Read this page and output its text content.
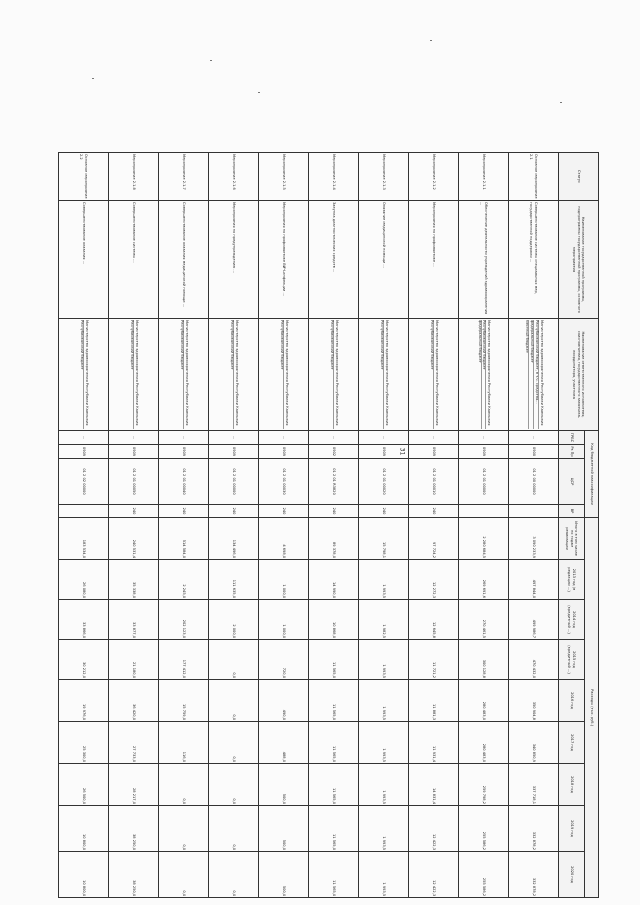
31
Статус	Наименование государственной программы, подпрограммы государственной программы, основного мероприятия	Наименование ответственного исполнителя, соисполнителя, государственного заказчика-координатора, участника	Код бюджетной классификации				Расходы (тыс. руб.)								
			ГРБС	Рз Пр	ЦСР	ВР	Итого в том числе по годам реализации	2013 год (в редакции ...)	2014 год (кредитный ...)	2015 год (кредитный ...)	2016 год	2017 год	2018 год	2019 год	2020 год
Основное мероприятие 2.1	Совершенствование системы специальных мер, государственной поддержки ...	Министерство здравоохранения Республики Калмыкия
Республиканский бюджет, в т.ч. средства...
федеральный бюджет
местный бюджет	...	0900	01 2 00 00000		3 090 233,9	497 844,0	499 986,7	470 432,0	350 904,8	340 850,9	337 718,1	332 878,2	332 878,2
Мероприятие 2.1.1	Обеспечение деятельности учреждений здравоохранения ...	Министерство здравоохранения Республики Калмыкия
Республиканский бюджет
федеральный бюджет	...	0909	01 2 01 00000		2 280 684,5	269 691,6	270 461,5	300 128,8	280 483,0	280 483,0	259 798,2	255 586,2	255 586,2
Мероприятие 2.1.2	Мероприятия по профилактике ...	Министерство здравоохранения Республики Калмыкия
Республиканский бюджет	...	0909	01 2 01 00010	240	97 724,2	12 272,3	12 645,8	11 721,2	11 881,3	11 931,4	14 831,4	12 422,3	12 422,3
Мероприятие 2.1.3	Оказание медицинской помощи ...	Министерство здравоохранения Республики Калмыкия
Республиканский бюджет	...	0909	01 2 01 00020	240	15 798,1	1 993,5	1 982,5	1 993,5	1 993,5	1 993,5	1 993,5	1 993,5	1 993,5
Мероприятие 2.1.4	Закупка диагностических средств ...	Министерство здравоохранения Республики Калмыкия
Республиканский бюджет	...	0902	01 2 01 R3820	240	89 378,0	14 990,0	10 868,0	11 565,0	11 565,0	11 565,0	11 565,0	11 565,0	11 565,0
Мероприятие 2.1.5	Мероприятия по профилактике ВИЧ-инфекции ...	Министерство здравоохранения Республики Калмыкия
Республиканский бюджет	...	0909	01 2 01 00030	240	4 698,0	1 000,0	1 000,0	720,0	490,0	488,0	500,0	500,0	500,0
Мероприятие 2.1.6	Мероприятия по предупреждению ...	Министерство здравоохранения Республики Калмыкия
Республиканский бюджет	...	0909	01 2 01 00000	240	134 496,0	111 635,0	2 000,0	0,0	0,0	0,0	0,0	0,0	0,0
Мероприятие 2.1.7	Совершенствование оказания медицинской помощи ...	Министерство здравоохранения Республики Калмыкия
Республиканский бюджет	...	0909	01 2 01 00040	240	514 584,0	2 245,0	202 123,0	177 412,0	15 759,0	116,0	0,0	0,0	0,0
Мероприятие 2.1.8	Совершенствование системы ...	Министерство здравоохранения Республики Калмыкия
Республиканский бюджет	...	0909	01 2 01 00050	240	240 531,4	35 338,0	33 877,0	21 180,0	36 420,0	27 733,0	28 217,0	38 250,0	38 250,0
Основное мероприятие 2.2	Совершенствование оказания ...	Министерство здравоохранения Республики Калмыкия
Республиканский бюджет	...	0909	01 2 02 00000		183 534,0	26 080,0	33 866,0	30 212,0	19 976,0	25 300,0	26 500,0	10 800,0	10 800,0
